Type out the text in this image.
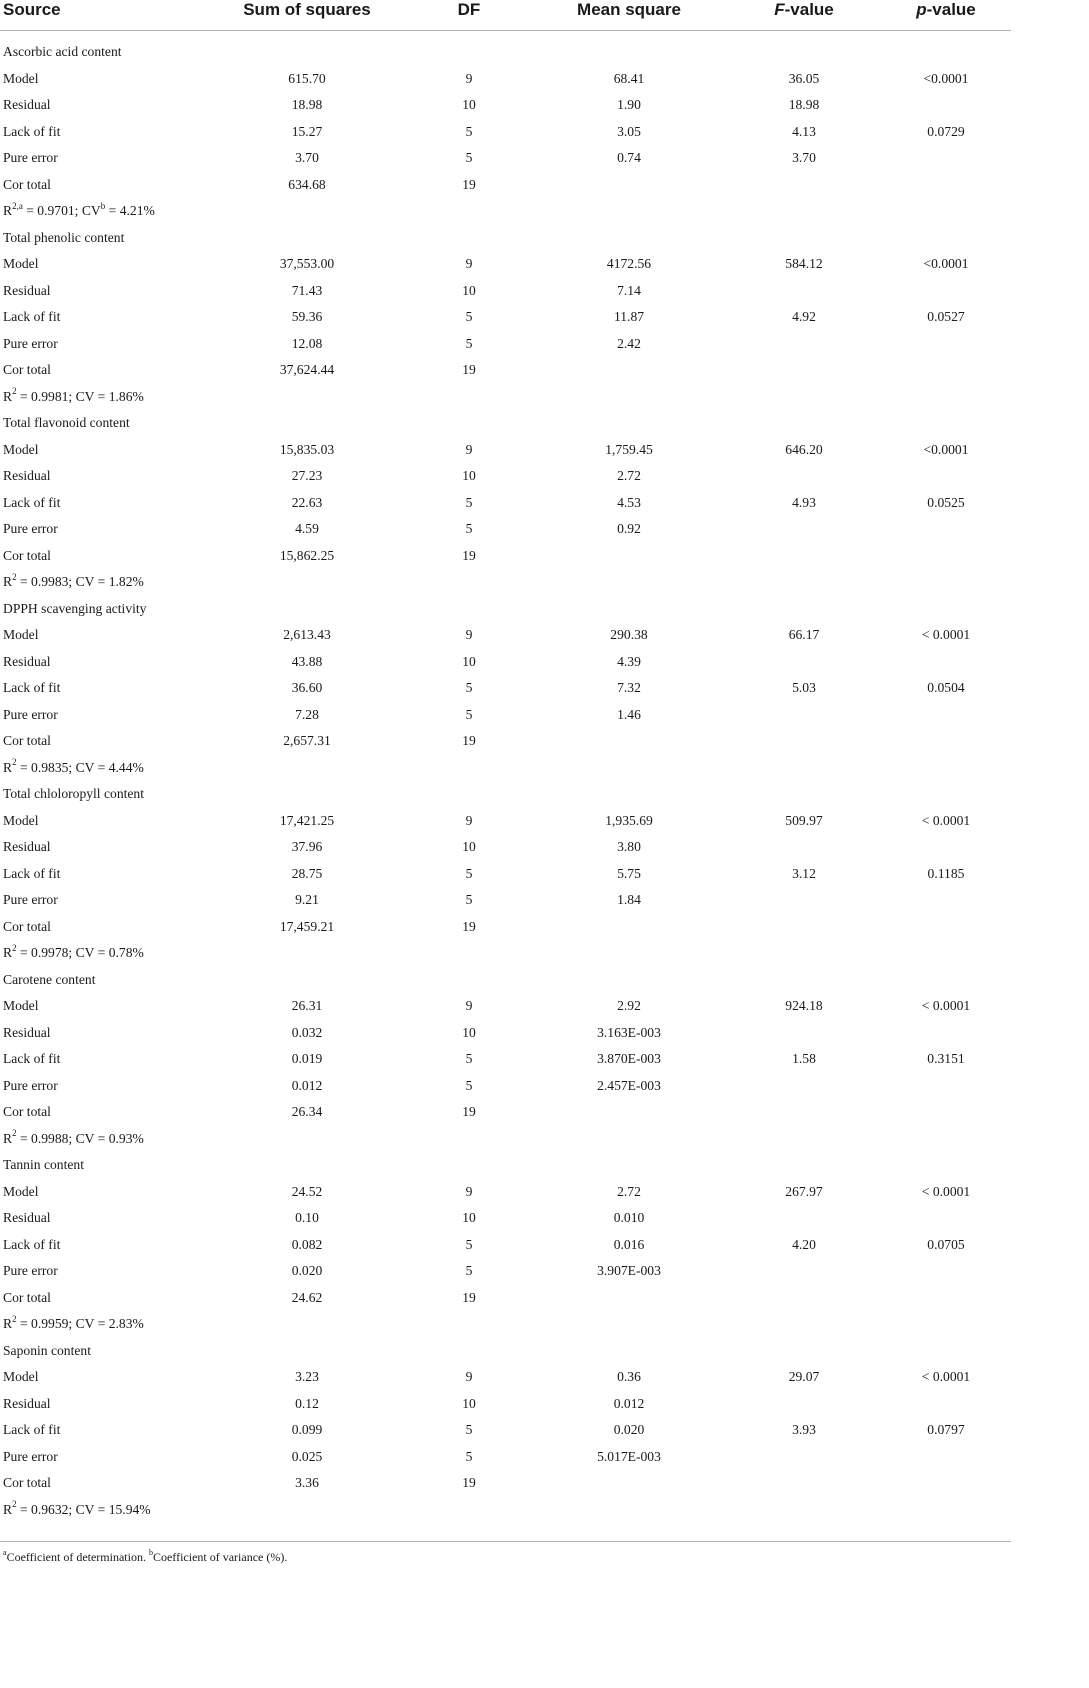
Source	Sum of squares	DF	Mean square	F-value	p-value
Ascorbic acid content					
Model	615.70	9	68.41	36.05	<0.0001
Residual	18.98	10	1.90	18.98	
Lack of fit	15.27	5	3.05	4.13	0.0729
Pure error	3.70	5	0.74	3.70	
Cor total	634.68	19			
R$^{2,a}$ = 0.9701; $CV^b = 4.21\%$					
Total phenolic content					
Model	37,553.00	9	4172.56	584.12	<0.0001
Residual	71.43	10	7.14		
Lack of fit	59.36	5	11.87	4.92	0.0527
Pure error	12.08	5	2.42		
Cor total	37,624.44	19			
$R^2 = 0.9981$; CV = 1.86%					
Total flavonoid content					
Model	15,835.03	9	1,759.45	646.20	<0.0001
Residual	27.23	10	2.72		
Lack of fit	22.63	5	4.53	4.93	0.0525
Pure error	4.59	5	0.92		
Cor total	15,862.25	19			
$R^2 = 0.9983$; CV = 1.82%					
DPPH scavenging activity					
Model	2,613.43	9	290.38	66.17	< 0.0001
Residual	43.88	10	4.39		
Lack of fit	36.60	5	7.32	5.03	0.0504
Pure error	7.28	5	1.46		
Cor total	2,657.31	19			
$R^2 = 0.9835$; CV = 4.44%					
Total chloloropyll content					
Model	17,421.25	9	1,935.69	509.97	< 0.0001
Residual	37.96	10	3.80		
Lack of fit	28.75	5	5.75	3.12	0.1185
Pure error	9.21	5	1.84		
Cor total	17,459.21	19			
$R^2 = 0.9978$; CV = 0.78%					
Carotene content					
Model	26.31	9	2.92	924.18	< 0.0001
Residual	0.032	10	3.163E-003		
Lack of fit	0.019	5	3.870E-003	1.58	0.3151
Pure error	0.012	5	2.457E-003		
Cor total	26.34	19			
$R^2 = 0.9988$; CV = 0.93%					
Tannin content					
Model	24.52	9	2.72	267.97	< 0.0001
Residual	0.10	10	0.010		
Lack of fit	0.082	5	0.016	4.20	0.0705
Pure error	0.020	5	3.907E-003		
Cor total	24.62	19			
$R^2 = 0.9959$; CV = 2.83%					
Saponin content					
Model	3.23	9	0.36	29.07	< 0.0001
Residual	0.12	10	0.012		
Lack of fit	0.099	5	0.020	3.93	0.0797
Pure error	0.025	5	5.017E-003		
Cor total	3.36	19			
$R^2 = 0.9632$; CV = 15.94%					
$^a$Coefficient of determination. $^b$Coefficient of variance (%).
